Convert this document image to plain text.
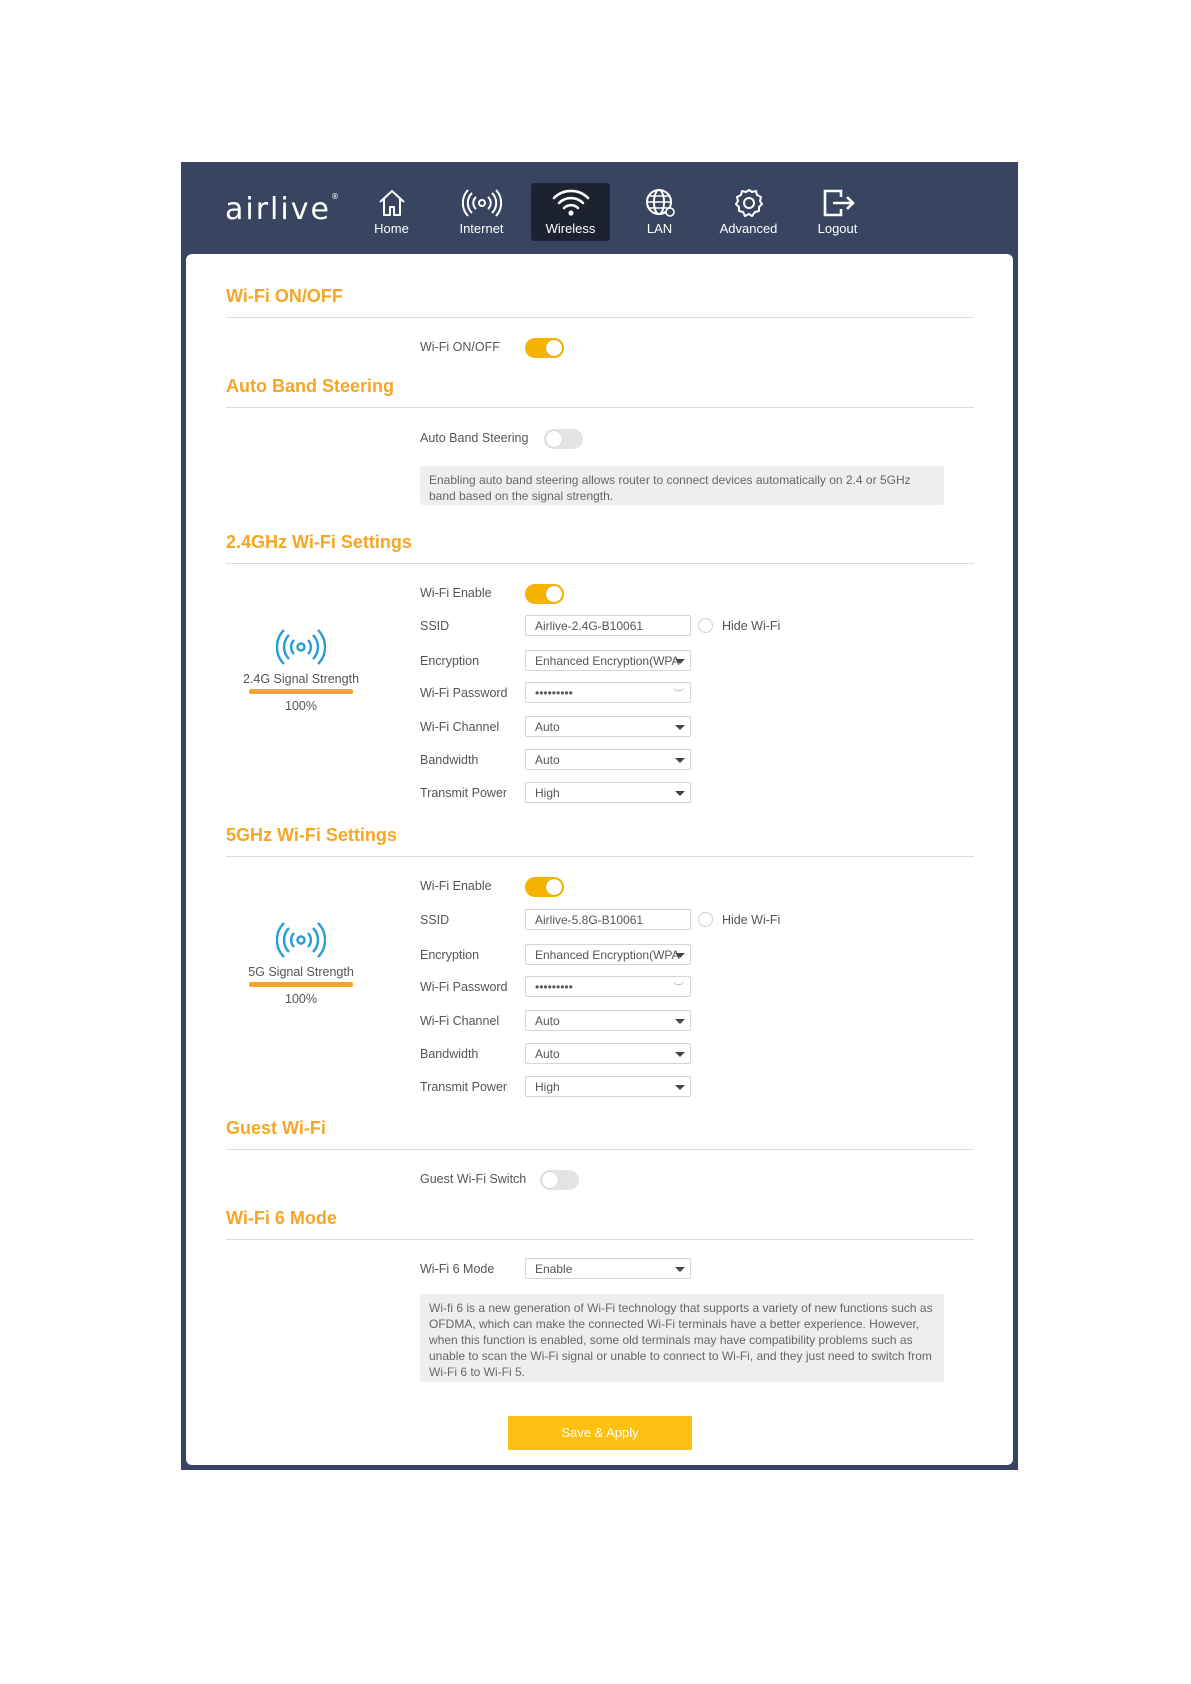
airlive®
Home	Internet	Wireless	LAN	Advanced	Logout
Wi-Fi ON/OFF
Wi-Fi ON/OFF
Auto Band Steering
Auto Band Steering
Enabling auto band steering allows router to connect devices automatically on 2.4 or 5GHz band based on the signal strength.
2.4GHz Wi-Fi Settings
2.4G Signal Strength
100%
Wi-Fi Enable
SSID	Airlive-2.4G-B10061	Hide Wi-Fi
Encryption	Enhanced Encryption(WPA
Wi-Fi Password	•••••••••	︶
Wi-Fi Channel	Auto
Bandwidth	Auto
Transmit Power	High
5GHz Wi-Fi Settings
5G Signal Strength
100%
Wi-Fi Enable
SSID	Airlive-5.8G-B10061	Hide Wi-Fi
Encryption	Enhanced Encryption(WPA
Wi-Fi Password	•••••••••	︶
Wi-Fi Channel	Auto
Bandwidth	Auto
Transmit Power	High
Guest Wi-Fi
Guest Wi-Fi Switch
Wi-Fi 6 Mode
Wi-Fi 6 Mode	Enable
Wi-fi 6 is a new generation of Wi-Fi technology that supports a variety of new functions such as OFDMA, which can make the connected Wi-Fi terminals have a better experience. However, when this function is enabled, some old terminals may have compatibility problems such as unable to scan the Wi-Fi signal or unable to connect to Wi-Fi, and they just need to switch from Wi-Fi 6 to Wi-Fi 5.
Save & Apply
